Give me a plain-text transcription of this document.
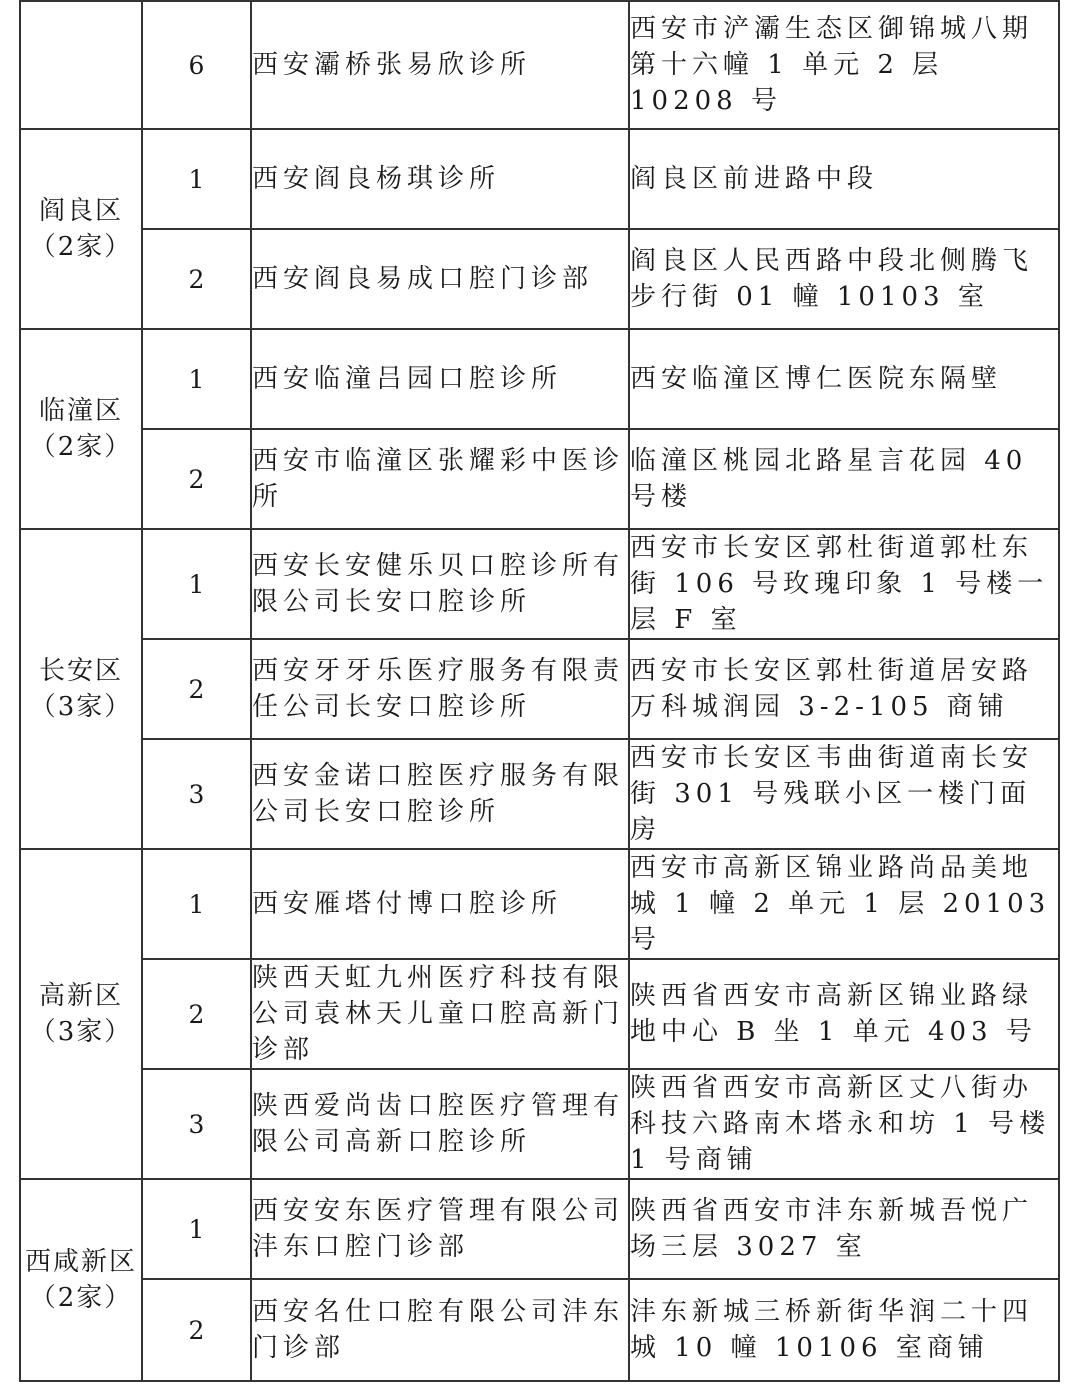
	6	西安灞桥张易欣诊所	西安市浐灞生态区御锦城八期第十六幢 1 单元 2 层 10208 号

阎良区
（2家）	1	西安阎良杨琪诊所	阎良区前进路中段
	2	西安阎良易成口腔门诊部	阎良区人民西路中段北侧腾飞步行街 01 幢 10103 室

临潼区
（2家）	1	西安临潼吕园口腔诊所	西安临潼区博仁医院东隔壁
	2	西安市临潼区张耀彩中医诊所	临潼区桃园北路星言花园 40 号楼

长安区
（3家）	1	西安长安健乐贝口腔诊所有限公司长安口腔诊所	西安市长安区郭杜街道郭杜东街 106 号玫瑰印象 1 号楼一层 F 室
	2	西安牙牙乐医疗服务有限责任公司长安口腔诊所	西安市长安区郭杜街道居安路万科城润园 3-2-105 商铺
	3	西安金诺口腔医疗服务有限公司长安口腔诊所	西安市长安区韦曲街道南长安街 301 号残联小区一楼门面房

高新区
（3家）	1	西安雁塔付博口腔诊所	西安市高新区锦业路尚品美地城 1 幢 2 单元 1 层 20103 号
	2	陕西天虹九州医疗科技有限公司袁林天儿童口腔高新门诊部	陕西省西安市高新区锦业路绿地中心 B 坐 1 单元 403 号
	3	陕西爱尚齿口腔医疗管理有限公司高新口腔诊所	陕西省西安市高新区丈八街办科技六路南木塔永和坊 1 号楼 1 号商铺

西咸新区
（2家）	1	西安安东医疗管理有限公司沣东口腔门诊部	陕西省西安市沣东新城吾悦广场三层 3027 室
	2	西安名仕口腔有限公司沣东门诊部	沣东新城三桥新街华润二十四城 10 幢 10106 室商铺
